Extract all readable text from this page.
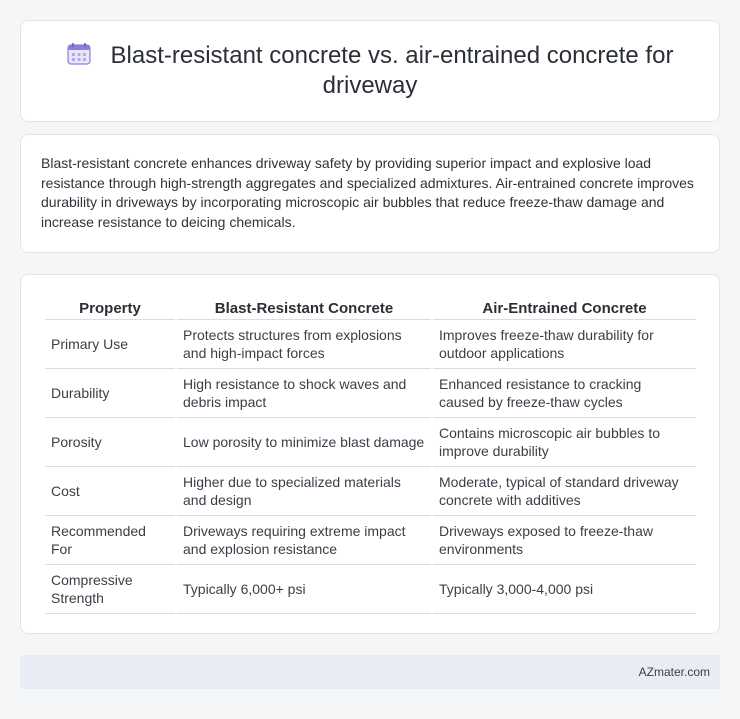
Blast-resistant concrete vs. air-entrained concrete for driveway

Blast-resistant concrete enhances driveway safety by providing superior impact and explosive load resistance through high-strength aggregates and specialized admixtures. Air-entrained concrete improves durability in driveways by incorporating microscopic air bubbles that reduce freeze-thaw damage and increase resistance to deicing chemicals.

Property	Blast-Resistant Concrete	Air-Entrained Concrete
Primary Use	Protects structures from explosions and high-impact forces	Improves freeze-thaw durability for outdoor applications
Durability	High resistance to shock waves and debris impact	Enhanced resistance to cracking caused by freeze-thaw cycles
Porosity	Low porosity to minimize blast damage	Contains microscopic air bubbles to improve durability
Cost	Higher due to specialized materials and design	Moderate, typical of standard driveway concrete with additives
Recommended For	Driveways requiring extreme impact and explosion resistance	Driveways exposed to freeze-thaw environments
Compressive Strength	Typically 6,000+ psi	Typically 3,000-4,000 psi
AZmater.com
